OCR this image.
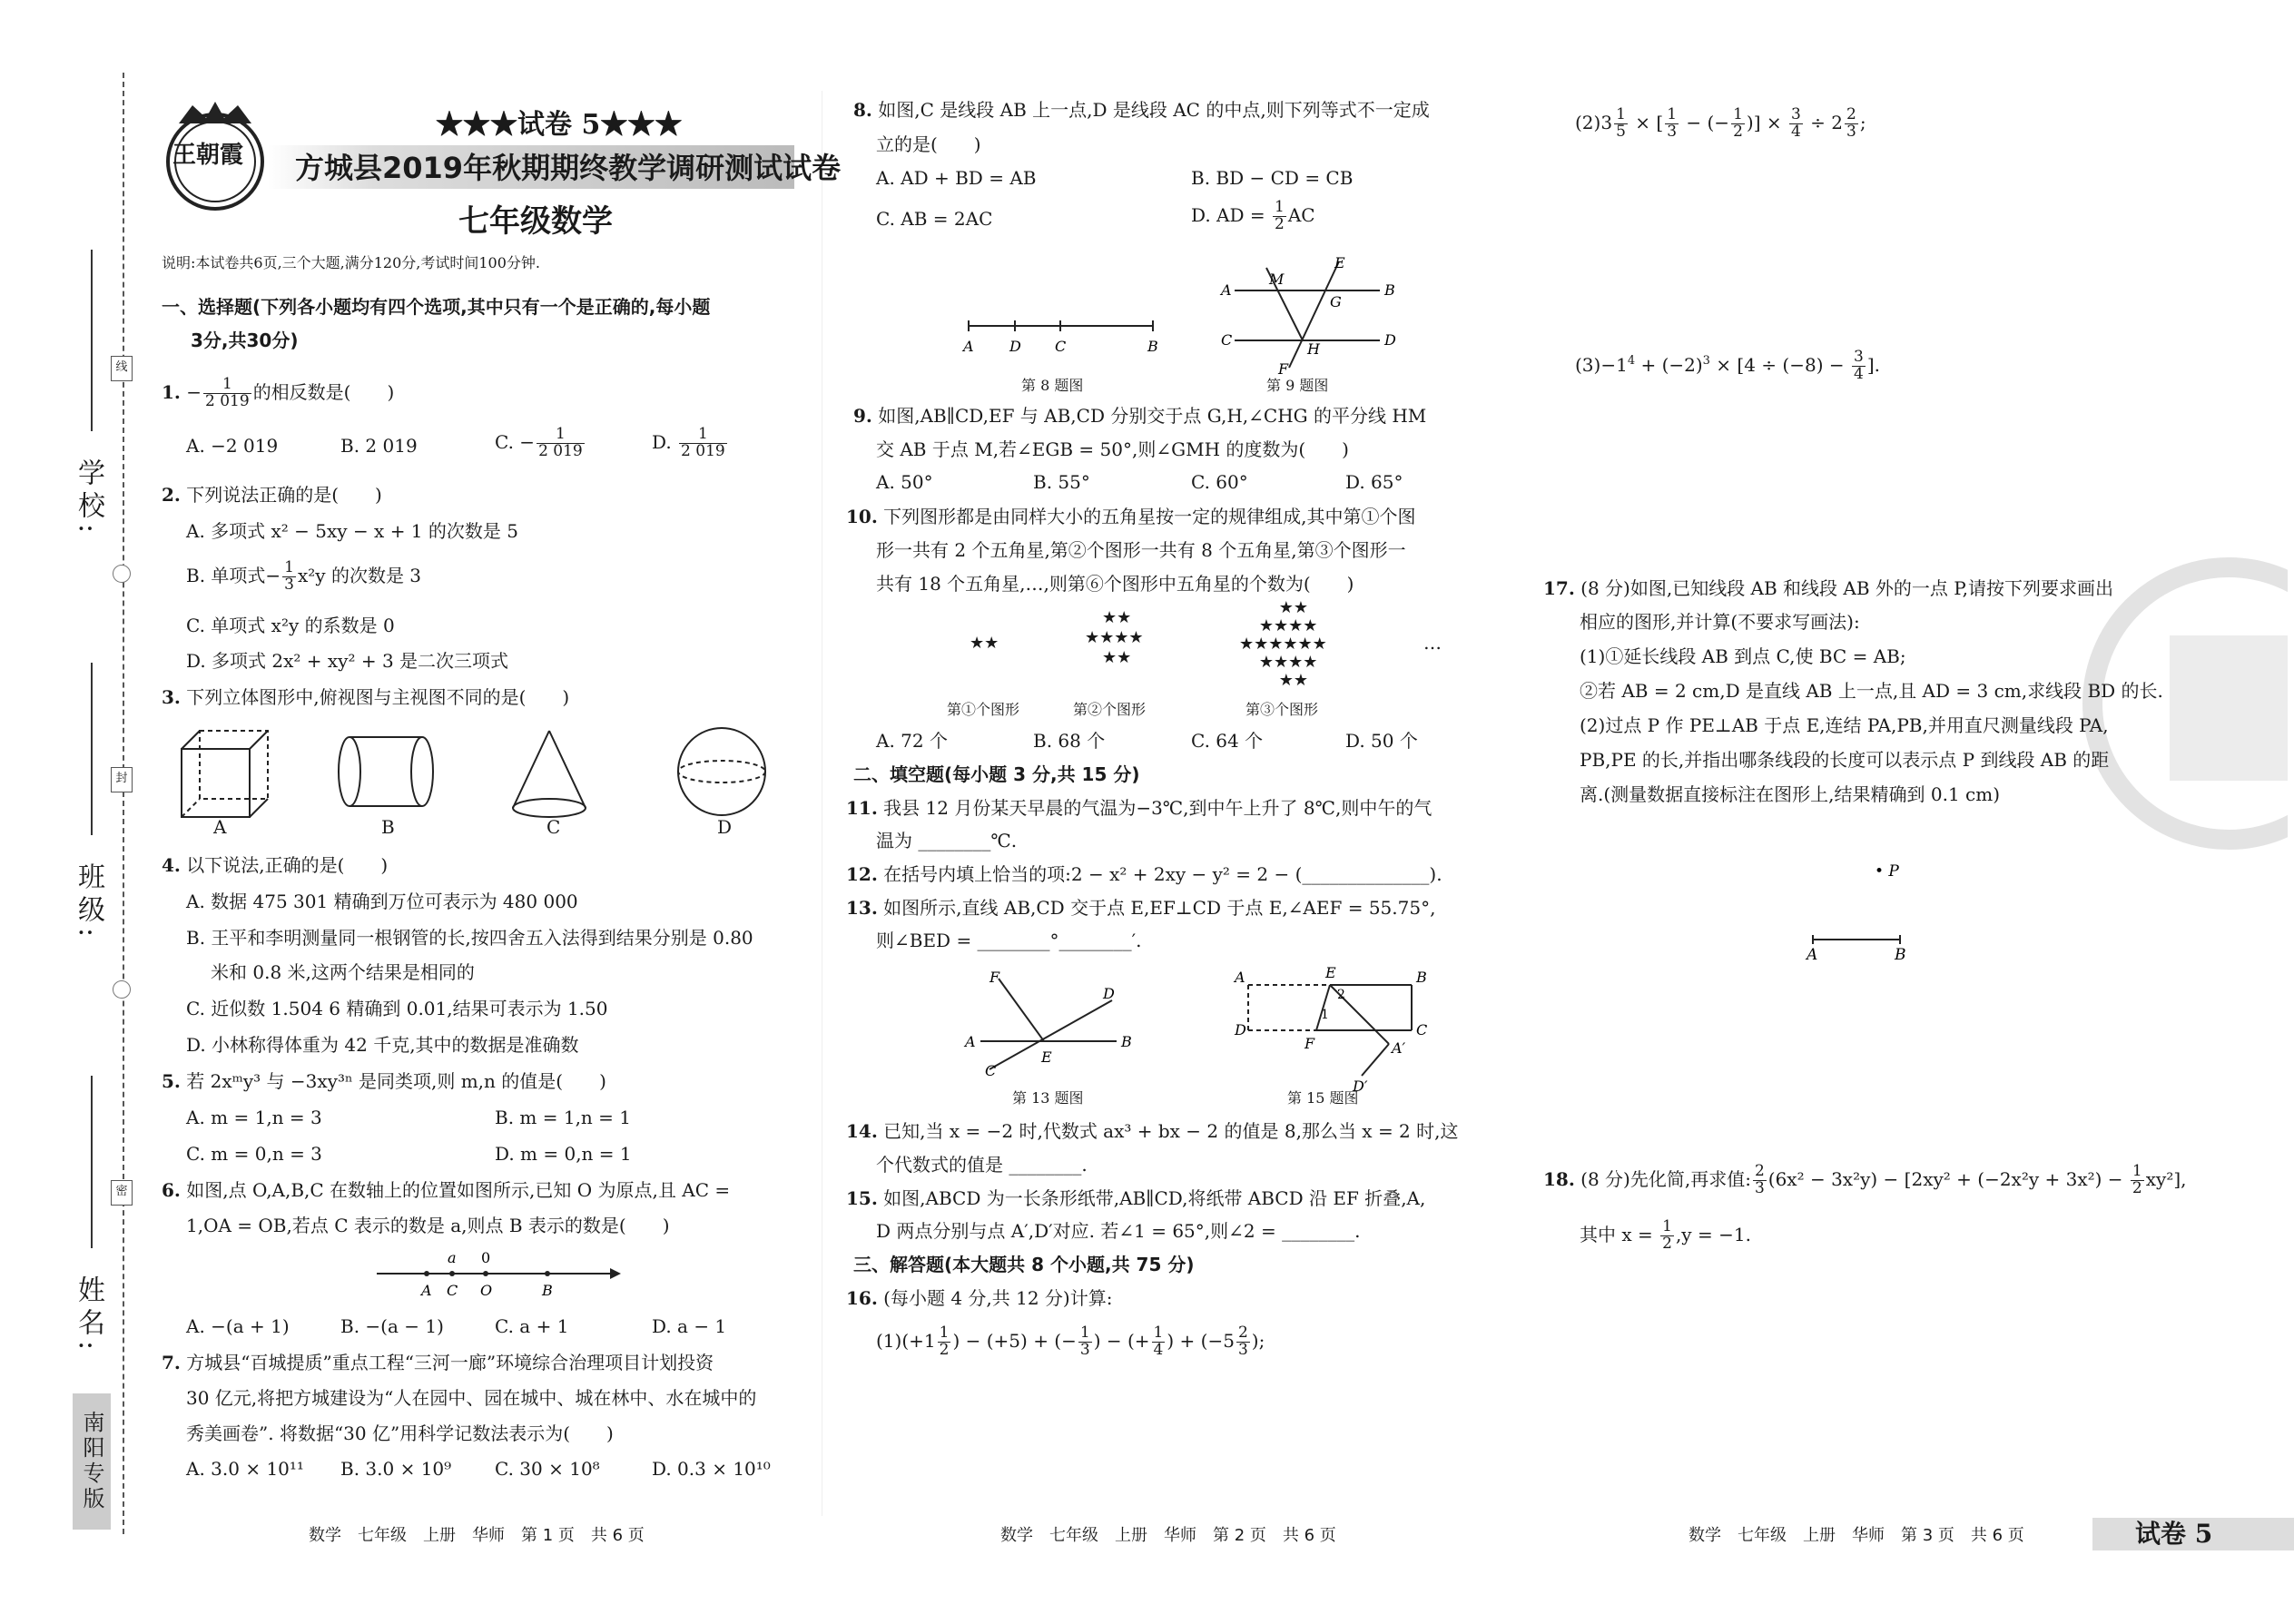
学校:
班级:
姓名:
线
封
密
南阳专版
王朝霞
★★★试卷 5★★★
方城县2019年秋期期终教学调研测试试卷
七年级数学
说明:本试卷共6页,三个大题,满分120分,考试时间100分钟.
一、选择题(下列各小题均有四个选项,其中只有一个是正确的,每小题
3分,共30分)
1. − $\frac{1}{2 019}$ 的相反数是(　　)
A. −2 019	B. 2 019	C. − $\frac{1}{2 019}$	D. $\frac{1}{2 019}$
2. 下列说法正确的是(　　)
A. 多项式 x² − 5xy − x + 1 的次数是 5
B. 单项式− $\frac{1}{3} x^2y$ 的次数是 3
C. 单项式 x²y 的系数是 0
D. 多项式 2x² + xy² + 3 是二次三项式
3. 下列立体图形中,俯视图与主视图不同的是(　　)
A	B	C	D
4. 以下说法,正确的是(　　)
A. 数据 475 301 精确到万位可表示为 480 000
B. 王平和李明测量同一根钢管的长,按四舍五入法得到结果分别是 0.80
米和 0.8 米,这两个结果是相同的
C. 近似数 1.504 6 精确到 0.01,结果可表示为 1.50
D. 小林称得体重为 42 千克,其中的数据是准确数
5. 若 2xᵐy³ 与 −3xy³ⁿ 是同类项,则 m,n 的值是(　　)
A. m = 1,n = 3	B. m = 1,n = 1
C. m = 0,n = 3	D. m = 0,n = 1
6. 如图,点 O,A,B,C 在数轴上的位置如图所示,已知 O 为原点,且 AC =
1,OA = OB,若点 C 表示的数是 a,则点 B 表示的数是(　　)
a 0
A C O	B
A. −(a + 1)	B. −(a − 1)	C. a + 1	D. a − 1
7. 方城县“百城提质”重点工程“三河一廊”环境综合治理项目计划投资
30 亿元,将把方城建设为“人在园中、园在城中、城在林中、水在城中的
秀美画卷”. 将数据“30 亿”用科学记数法表示为(　　)
A. 3.0 × 10¹¹ B. 3.0 × 10⁹ C. 30 × 10⁸	D. 0.3 × 10¹⁰
数学　七年级　上册　华师　第 1 页　共 6 页
8. 如图,C 是线段 AB 上一点,D 是线段 AC 的中点,则下列等式不一定成
立的是(　　)
A. AD + BD = AB	B. BD − CD = CB
C. AB = 2AC	D. AD = $\frac{1}{2}$ AC
A D C	B
第 8 题图
A
M
E
B
G
C
H
D
F
第 9 题图
9. 如图,AB∥CD,EF 与 AB,CD 分别交于点 G,H,∠CHG 的平分线 HM
交 AB 于点 M,若∠EGB = 50°,则∠GMH 的度数为(　　)
A. 50°	B. 55°	C. 60°	D. 65°
10. 下列图形都是由同样大小的五角星按一定的规律组成,其中第①个图
形一共有 2 个五角星,第②个图形一共有 8 个五角星,第③个图形一
共有 18 个五角星,…,则第⑥个图形中五角星的个数为(　　)
★★
★★
★★★★
★★
★★
★★★★
★★★★★★
★★★★
★★
…
第①个图形	第②个图形	第③个图形
A. 72 个	B. 68 个	C. 64 个	D. 50 个
二、填空题(每小题 3 分,共 15 分)
11. 我县 12 月份某天早晨的气温为−3℃,到中午上升了 8℃,则中午的气
温为 ________℃.
12. 在括号内填上恰当的项:2 − x² + 2xy − y² = 2 − (______________).
13. 如图所示,直线 AB,CD 交于点 E,EF⊥CD 于点 E,∠AEF = 55.75°,
则∠BED = ________°________′.
F
D
A
E
B
C
第 13 题图
A	E	B
2
1
D
F
C
A′
D′
第 15 题图
14. 已知,当 x = −2 时,代数式 ax³ + bx − 2 的值是 8,那么当 x = 2 时,这
个代数式的值是 ________.
15. 如图,ABCD 为一长条形纸带,AB∥CD,将纸带 ABCD 沿 EF 折叠,A,
D 两点分别与点 A′,D′对应. 若∠1 = 65°,则∠2 = ________.
三、解答题(本大题共 8 个小题,共 75 分)
16. (每小题 4 分,共 12 分)计算:
$(1)(+1 \frac{1}{2}$ ) − (+5) + (− $\frac{1}{3}$ ) − (+ $\frac{1}{4}$ ) + ($-5 \frac{2}{3}$ );
数学　七年级　上册　华师　第 2 页　共 6 页
$(2)3 \frac{1}{5}$ × [ $\frac{1}{3}$ − (− $\frac{1}{2}$ )] × $\frac{3}{4} \div 2 \frac{2}{3}$ ;
$(3)-1^4 + (-2)^3 \times [4 \div (-8) - \frac{3}{4}$ ].
17. (8 分)如图,已知线段 AB 和线段 AB 外的一点 P,请按下列要求画出
相应的图形,并计算(不要求写画法):
(1)①延长线段 AB 到点 C,使 BC = AB;
②若 AB = 2 cm,D 是直线 AB 上一点,且 AD = 3 cm,求线段 BD 的长.
(2)过点 P 作 PE⊥AB 于点 E,连结 PA,PB,并用直尺测量线段 PA,
PB,PE 的长,并指出哪条线段的长度可以表示点 P 到线段 AB 的距
离.(测量数据直接标注在图形上,结果精确到 0.1 cm)
• P
A	B
18. (8 分)先化简,再求值: $\frac{2}{3} (6x^2 - 3x^2y) - [2xy^2 + (-2x^2y + 3x^2) - \frac{1}{2} xy^2]$,
其中 $x = \frac{1}{2} ,y = -1$.
数学　七年级　上册　华师　第 3 页　共 6 页	试卷 5
